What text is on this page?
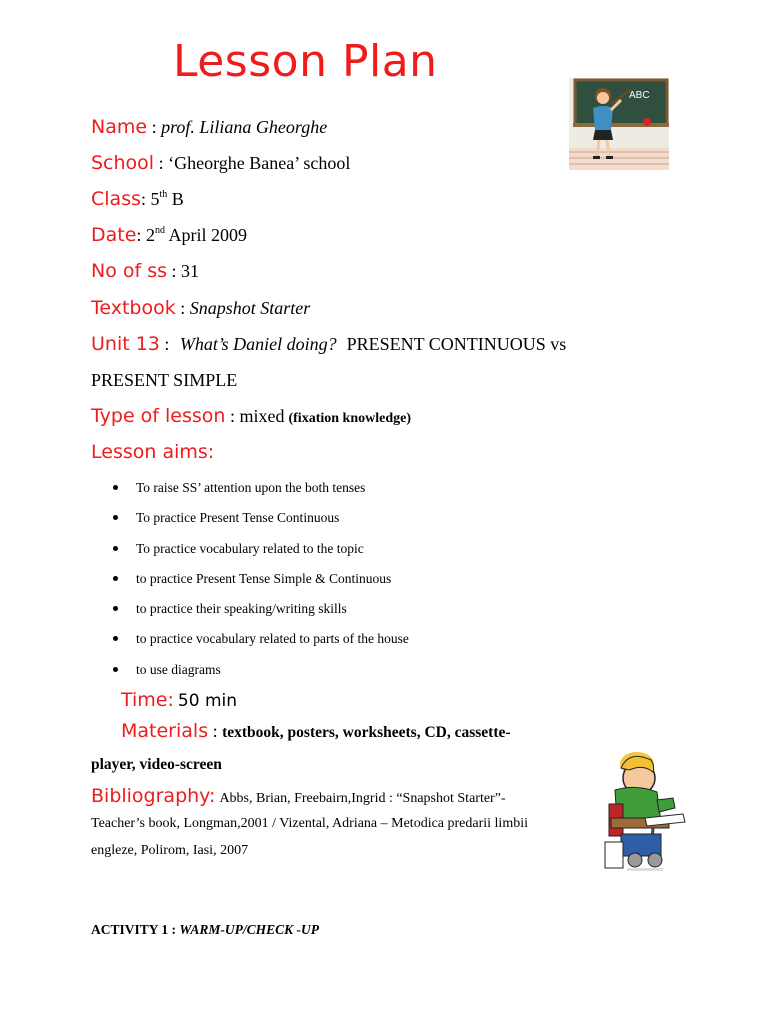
Lesson Plan
ABC
Name : prof. Liliana Gheorghe
School : ‘Gheorghe Banea’ school
Class: 5th B
Date: 2nd April 2009
No of ss : 31
Textbook : Snapshot Starter
Unit 13 : What’s Daniel doing? PRESENT CONTINUOUS vs
PRESENT SIMPLE
Type of lesson : mixed (fixation knowledge)
Lesson aims:
To raise SS’ attention upon the both tenses
To practice Present Tense Continuous
To practice vocabulary related to the topic
to practice Present Tense Simple & Continuous
to practice their speaking/writing skills
to practice vocabulary related to parts of the house
to use diagrams
Time: 50 min
Materials : textbook, posters, worksheets, CD, cassette-
player, video-screen
Bibliography: Abbs, Brian, Freebairn,Ingrid : “Snapshot Starter”-
Teacher’s book, Longman,2001 / Vizental, Adriana – Metodica predarii limbii
engleze, Polirom, Iasi, 2007
ACTIVITY 1 : WARM-UP/CHECK -UP
